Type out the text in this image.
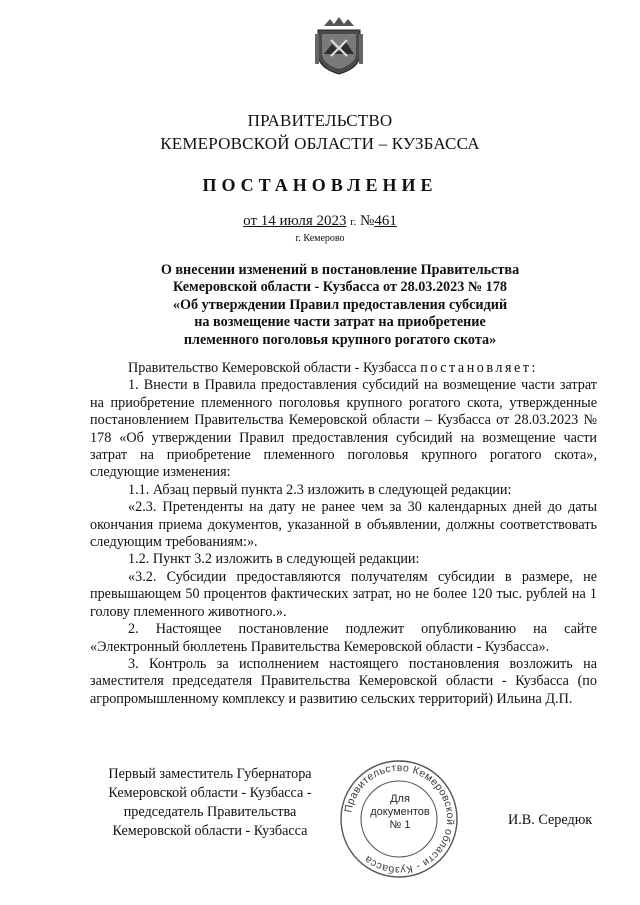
ПРАВИТЕЛЬСТВО
КЕМЕРОВСКОЙ ОБЛАСТИ – КУЗБАССА
ПОСТАНОВЛЕНИЕ
от 14 июля 2023 г. №461
г. Кемерово
О внесении изменений в постановление Правительства
Кемеровской области - Кузбасса от 28.03.2023 № 178
«Об утверждении Правил предоставления субсидий
на возмещение части затрат на приобретение
племенного поголовья крупного рогатого скота»

Правительство Кемеровской области - Кузбасса постановляет:

1. Внести в Правила предоставления субсидий на возмещение части затрат на приобретение племенного поголовья крупного рогатого скота, утвержденные постановлением Правительства Кемеровской области – Кузбасса от 28.03.2023 № 178 «Об утверждении Правил предоставления субсидий на возмещение части затрат на приобретение племенного поголовья крупного рогатого скота», следующие изменения:

1.1. Абзац первый пункта 2.3 изложить в следующей редакции:

«2.3. Претенденты на дату не ранее чем за 30 календарных дней до даты окончания приема документов, указанной в объявлении, должны соответствовать следующим требованиям:».

1.2. Пункт 3.2 изложить в следующей редакции:

«3.2. Субсидии предоставляются получателям субсидии в размере, не превышающем 50 процентов фактических затрат, но не более 120 тыс. рублей на 1 голову племенного животного.».

2. Настоящее постановление подлежит опубликованию на сайте «Электронный бюллетень Правительства Кемеровской области - Кузбасса».

3. Контроль за исполнением настоящего постановления возложить на заместителя председателя Правительства Кемеровской области - Кузбасса (по агропромышленному комплексу и развитию сельских территорий) Ильина Д.П.

Первый заместитель Губернатора
Кемеровской области - Кузбасса -
председатель Правительства
Кемеровской области - Кузбасса
Правительство Кемеровской области - Кузбасса
Для
документов
№ 1	И.В. Середюк
